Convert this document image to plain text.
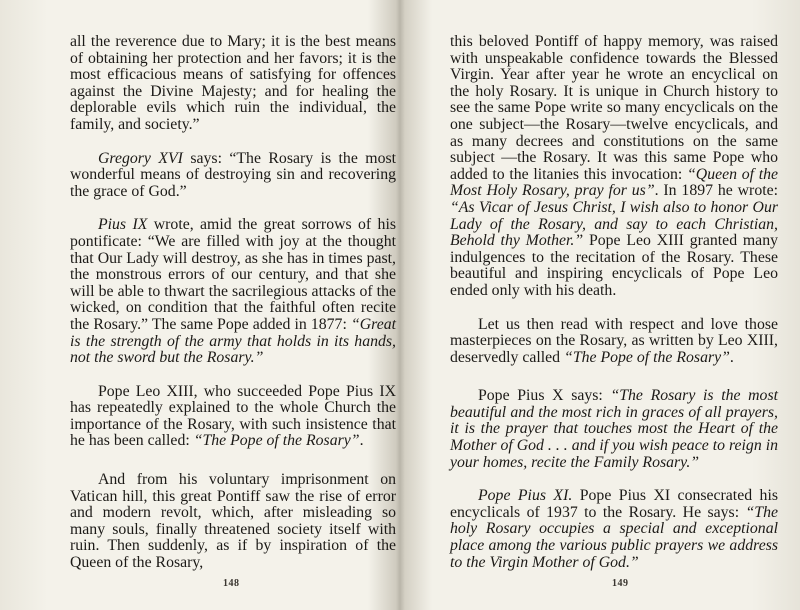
all the reverence due to Mary; it is the best means of obtaining her protection and her favors; it is the most efficacious means of satisfying for offences against the Divine Majesty; and for healing the deplorable evils which ruin the individual, the family, and society.”

Gregory XVI says: “The Rosary is the most wonderful means of destroying sin and recovering the grace of God.”

Pius IX wrote, amid the great sorrows of his pontificate: “We are filled with joy at the thought that Our Lady will destroy, as she has in times past, the monstrous errors of our century, and that she will be able to thwart the sacrilegious attacks of the wicked, on condition that the faithful often recite the Rosary.” The same Pope added in 1877: “Great is the strength of the army that holds in its hands, not the sword but the Rosary.”

Pope Leo XIII, who succeeded Pope Pius IX has repeatedly explained to the whole Church the importance of the Rosary, with such insistence that he has been called: “The Pope of the Rosary”.

And from his voluntary imprisonment on Vatican hill, this great Pontiff saw the rise of error and modern revolt, which, after misleading so many souls, finally threatened society itself with ruin. Then suddenly, as if by inspiration of the Queen of the Rosary,

148

this beloved Pontiff of happy memory, was raised with unspeakable confidence towards the Blessed Virgin. Year after year he wrote an encyclical on the holy Rosary. It is unique in Church history to see the same Pope write so many encyclicals on the one subject—the Rosary—twelve encyclicals, and as many decrees and constitutions on the same subject —the Rosary. It was this same Pope who added to the litanies this invocation: “Queen of the Most Holy Rosary, pray for us”. In 1897 he wrote: “As Vicar of Jesus Christ, I wish also to honor Our Lady of the Rosary, and say to each Christian, Behold thy Mother.” Pope Leo XIII granted many indulgences to the recitation of the Rosary. These beautiful and inspiring encyclicals of Pope Leo ended only with his death.

Let us then read with respect and love those masterpieces on the Rosary, as written by Leo XIII, deservedly called “The Pope of the Rosary”.

Pope Pius X says: “The Rosary is the most beautiful and the most rich in graces of all prayers, it is the prayer that touches most the Heart of the Mother of God . . . and if you wish peace to reign in your homes, recite the Family Rosary.”

Pope Pius XI. Pope Pius XI consecrated his encyclicals of 1937 to the Rosary. He says: “The holy Rosary occupies a special and exceptional place among the various public prayers we address to the Virgin Mother of God.”

149
